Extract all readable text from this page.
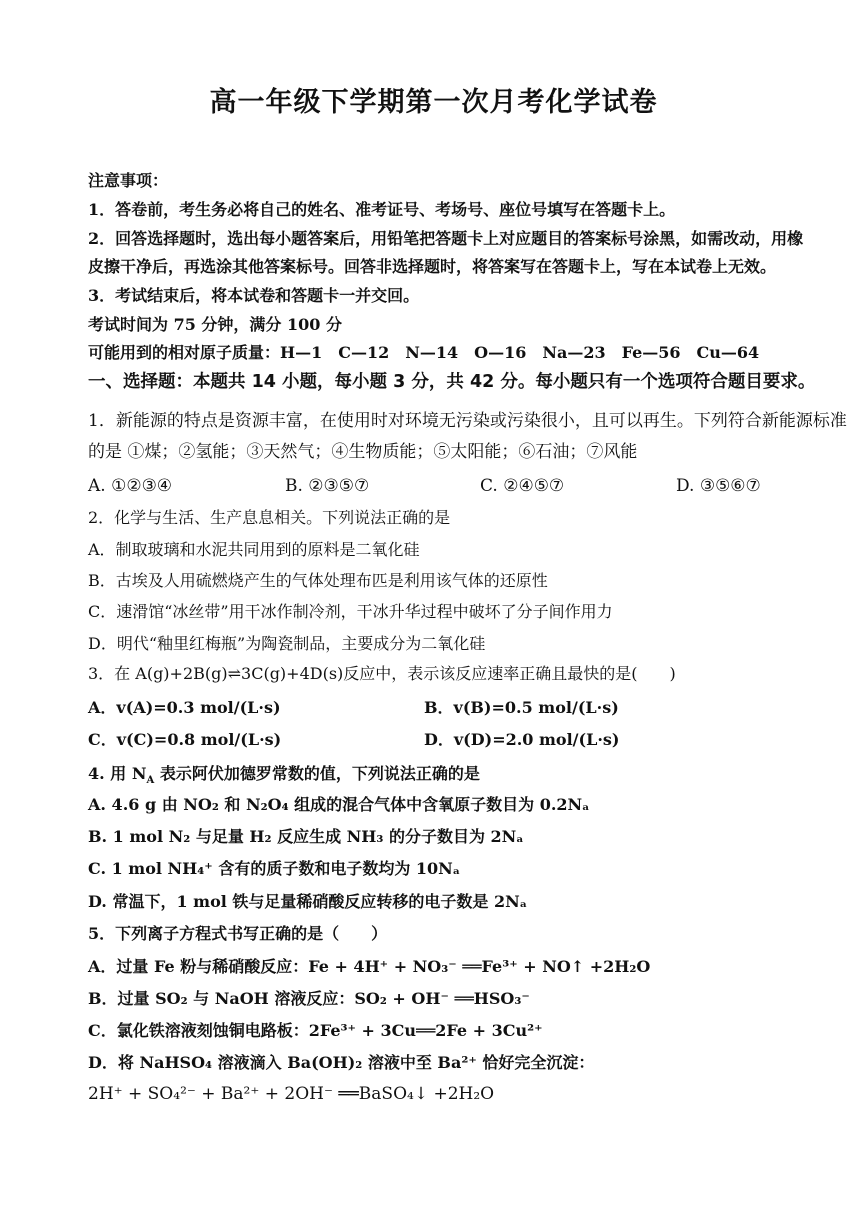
高一年级下学期第一次月考化学试卷
注意事项：
1．答卷前，考生务必将自己的姓名、准考证号、考场号、座位号填写在答题卡上。
2．回答选择题时，选出每小题答案后，用铅笔把答题卡上对应题目的答案标号涂黑，如需改动，用橡
皮擦干净后，再选涂其他答案标号。回答非选择题时，将答案写在答题卡上，写在本试卷上无效。
3．考试结束后，将本试卷和答题卡一并交回。
考试时间为 75 分钟，满分 100 分
可能用到的相对原子质量：H—1　C—12　N—14　O—16　Na—23　Fe—56　Cu—64
一、选择题：本题共 14 小题，每小题 3 分，共 42 分。每小题只有一个选项符合题目要求。
1．新能源的特点是资源丰富，在使用时对环境无污染或污染很小，且可以再生。下列符合新能源标准
的是 ①煤；②氢能；③天然气；④生物质能；⑤太阳能；⑥石油；⑦风能
A. ①②③④	B. ②③⑤⑦	C. ②④⑤⑦	D. ③⑤⑥⑦
2．化学与生活、生产息息相关。下列说法正确的是
A．制取玻璃和水泥共同用到的原料是二氧化硅
B．古埃及人用硫燃烧产生的气体处理布匹是利用该气体的还原性
C．速滑馆“冰丝带”用干冰作制冷剂，干冰升华过程中破坏了分子间作用力
D．明代“釉里红梅瓶”为陶瓷制品，主要成分为二氧化硅
3．在 A(g)+2B(g)⇌3C(g)+4D(s)反应中，表示该反应速率正确且最快的是(　　)
A．v(A)=0.3 mol/(L·s)	B．v(B)=0.5 mol/(L·s)
C．v(C)=0.8 mol/(L·s)	D．v(D)=2.0 mol/(L·s)
4. 用 $N_A$ 表示阿伏加德罗常数的值，下列说法正确的是
A. 4.6 g 由 NO₂ 和 N₂O₄ 组成的混合气体中含氧原子数目为 0.2Nₐ
B. 1 mol N₂ 与足量 H₂ 反应生成 NH₃ 的分子数目为 2Nₐ
C. 1 mol NH₄⁺ 含有的质子数和电子数均为 10Nₐ
D. 常温下，1 mol 铁与足量稀硝酸反应转移的电子数是 2Nₐ
5．下列离子方程式书写正确的是（　　）
A．过量 Fe 粉与稀硝酸反应：Fe + 4H⁺ + NO₃⁻ ══Fe³⁺ + NO↑ +2H₂O
B．过量 SO₂ 与 NaOH 溶液反应：SO₂ + OH⁻ ══HSO₃⁻
C．氯化铁溶液刻蚀铜电路板：2Fe³⁺ + 3Cu══2Fe + 3Cu²⁺
D．将 NaHSO₄ 溶液滴入 Ba(OH)₂ 溶液中至 Ba²⁺ 恰好完全沉淀：
2H⁺ + SO₄²⁻ + Ba²⁺ + 2OH⁻ ══BaSO₄↓ +2H₂O
